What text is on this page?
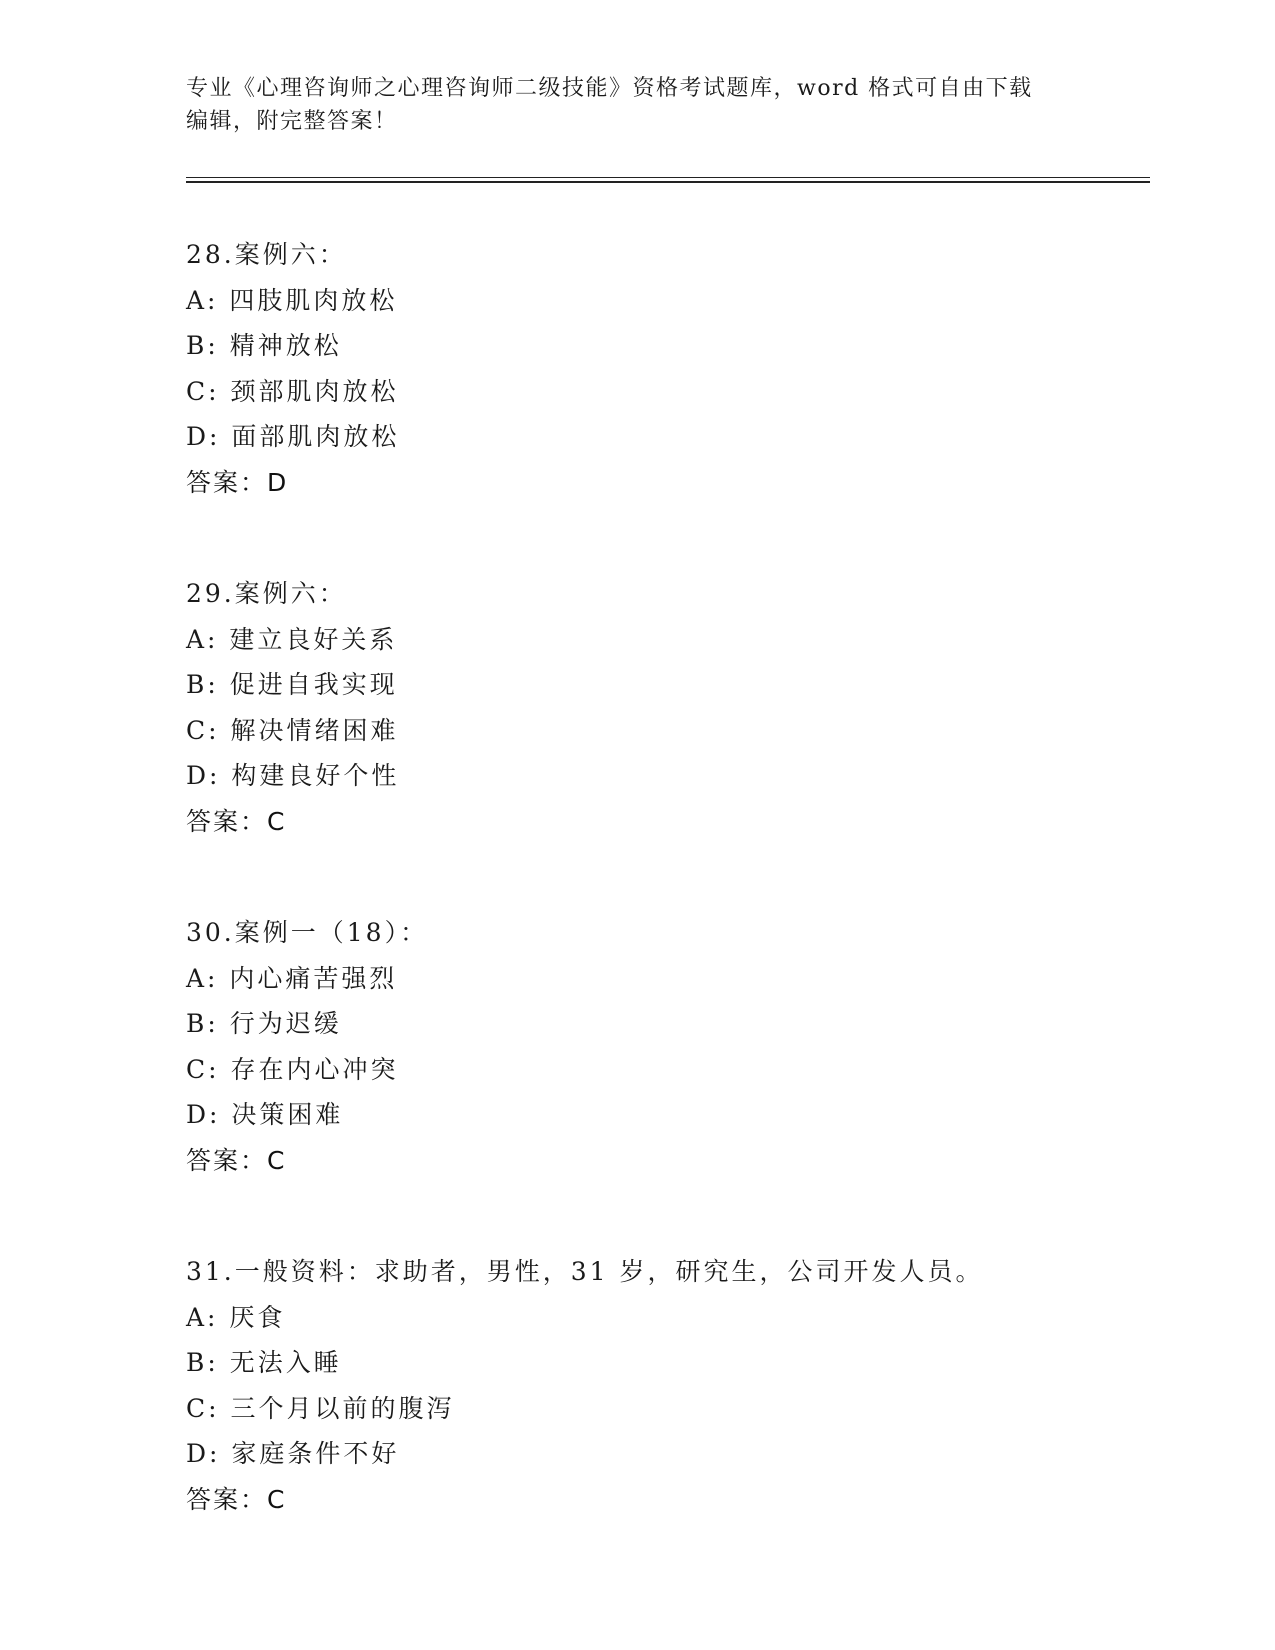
专业《心理咨询师之心理咨询师二级技能》资格考试题库，word 格式可自由下载
编辑，附完整答案！
28.案例六：
A: 四肢肌肉放松
B: 精神放松
C: 颈部肌肉放松
D: 面部肌肉放松
答案：D
29.案例六：
A: 建立良好关系
B: 促进自我实现
C: 解决情绪困难
D: 构建良好个性
答案：C
30.案例一（18）：
A: 内心痛苦强烈
B: 行为迟缓
C: 存在内心冲突
D: 决策困难
答案：C
31.一般资料：求助者，男性，31 岁，研究生，公司开发人员。
A: 厌食
B: 无法入睡
C: 三个月以前的腹泻
D: 家庭条件不好
答案：C
